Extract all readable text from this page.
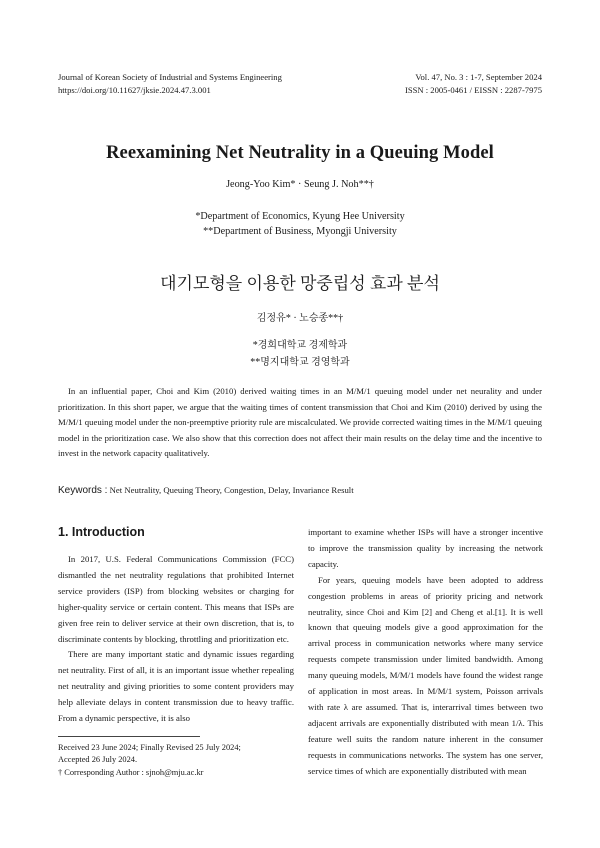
Journal of Korean Society of Industrial and Systems Engineering
https://doi.org/10.11627/jksie.2024.47.3.001
Vol. 47, No. 3 : 1-7, September 2024
ISSN : 2005-0461 / EISSN : 2287-7975
Reexamining Net Neutrality in a Queuing Model
Jeong-Yoo Kim* · Seung J. Noh**†
*Department of Economics, Kyung Hee University
**Department of Business, Myongji University
대기모형을 이용한 망중립성 효과 분석
김정유* · 노승종**†
*경희대학교 경제학과
**명지대학교 경영학과
In an influential paper, Choi and Kim (2010) derived waiting times in an M/M/1 queuing model under net neurality and under prioritization. In this short paper, we argue that the waiting times of content transmission that Choi and Kim (2010) derived by using the M/M/1 queuing model under the non-preemptive priority rule are miscalculated. We provide corrected waiting times in the M/M/1 queuing model in the prioritization case. We also show that this correction does not affect their main results on the delay time and the incentive to invest in the network capacity qualitatively.
Keywords : Net Neutrality, Queuing Theory, Congestion, Delay, Invariance Result
1. Introduction

In 2017, U.S. Federal Communications Commission (FCC) dismantled the net neutrality regulations that prohibited Internet service providers (ISP) from blocking websites or charging for higher-quality service or certain content. This means that ISPs are given free rein to deliver service at their own discretion, that is, to discriminate contents by blocking, throttling and prioritization etc.

There are many important static and dynamic issues regarding net neutrality. First of all, it is an important issue whether repealing net neutrality and giving priorities to some content providers may help alleviate delays in content transmission due to heavy traffic. From a dynamic perspective, it is also

important to examine whether ISPs will have a stronger incentive to improve the transmission quality by increasing the network capacity.

For years, queuing models have been adopted to address congestion problems in areas of priority pricing and network neutrality, since Choi and Kim [2] and Cheng et al.[1]. It is well known that queuing models give a good approximation for the arrival process in communication networks where many service requests compete transmission under limited bandwidth. Among many queuing models, M/M/1 models have found the widest range of application in most areas. In M/M/1 system, Poisson arrivals with rate λ are assumed. That is, interarrival times between two adjacent arrivals are exponentially distributed with mean 1/λ. This feature well suits the random nature inherent in the consumer requests in communications networks. The system has one server, service times of which are exponentially distributed with mean

Received 23 June 2024; Finally Revised 25 July 2024;
Accepted 26 July 2024.
† Corresponding Author : sjnoh@mju.ac.kr
